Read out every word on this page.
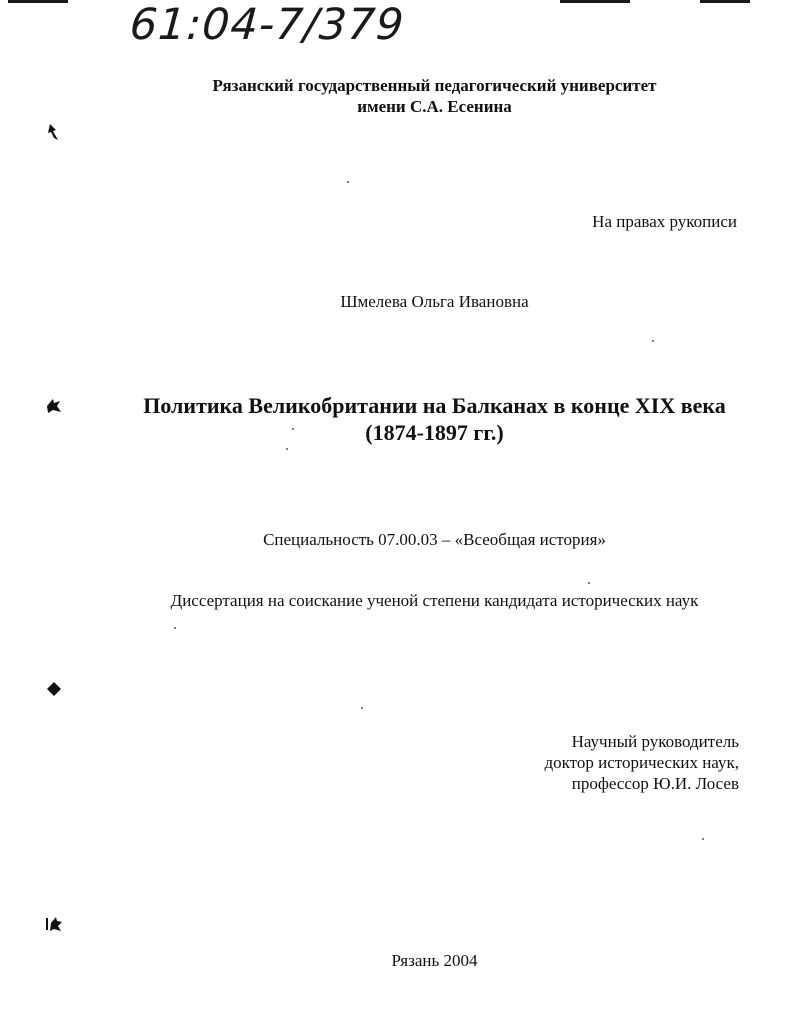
61:04-7/379
Рязанский государственный педагогический университет
имени С.А. Есенина
На правах рукописи
Шмелева Ольга Ивановна
Политика Великобритании на Балканах в конце XIX века
(1874-1897 гг.)
Специальность 07.00.03 – «Всеобщая история»
Диссертация на соискание ученой степени кандидата исторических наук
Научный руководитель
доктор исторических наук,
профессор Ю.И. Лосев
Рязань 2004
